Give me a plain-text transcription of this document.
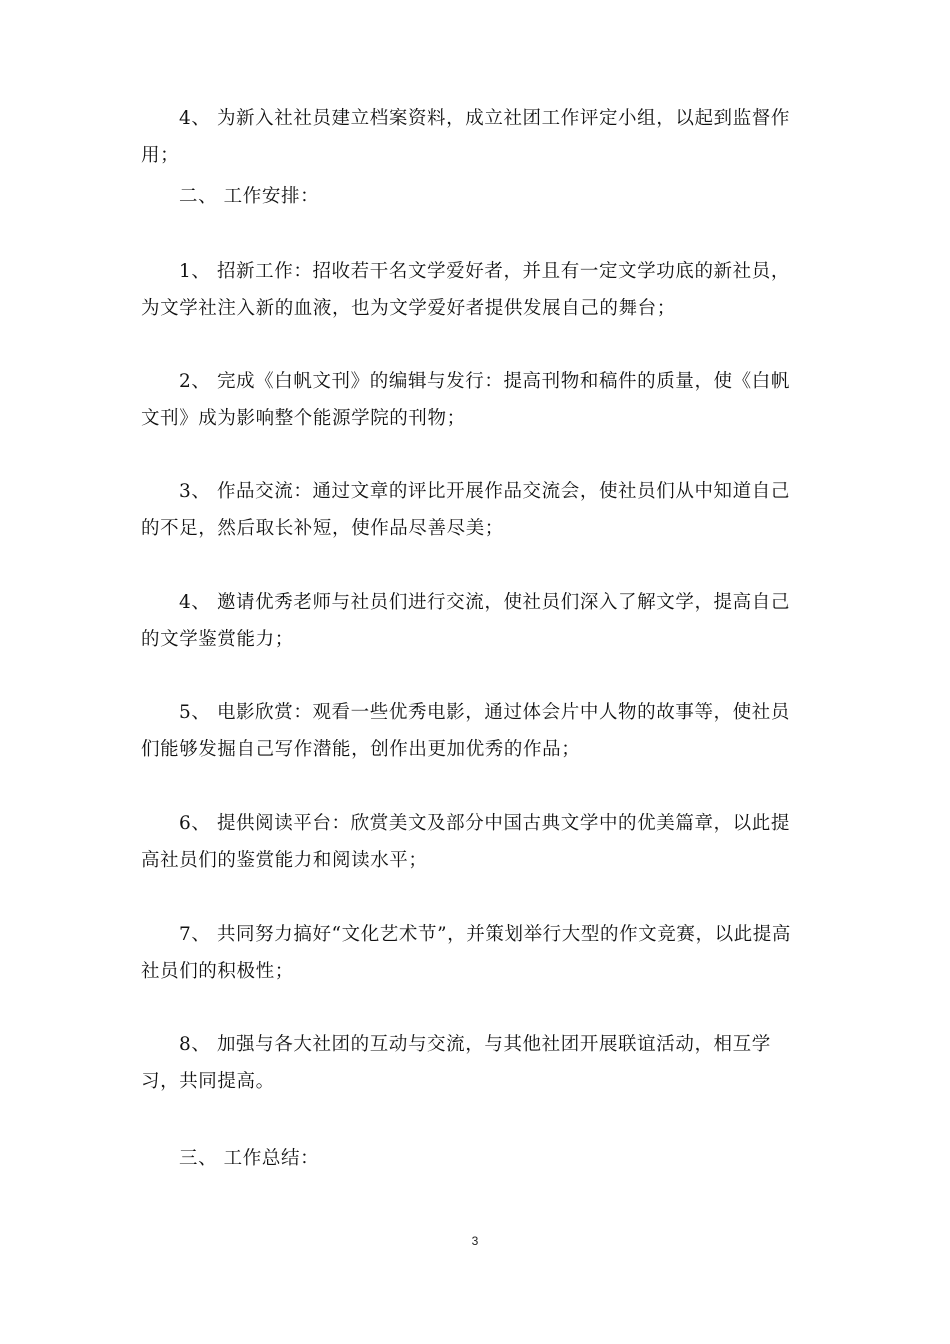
4、 为新入社社员建立档案资料，成立社团工作评定小组，以起到监督作用；

二、 工作安排：

1、 招新工作：招收若干名文学爱好者，并且有一定文学功底的新社员，为文学社注入新的血液，也为文学爱好者提供发展自己的舞台；

2、 完成《白帆文刊》的编辑与发行：提高刊物和稿件的质量，使《白帆文刊》成为影响整个能源学院的刊物；

3、 作品交流：通过文章的评比开展作品交流会，使社员们从中知道自己的不足，然后取长补短，使作品尽善尽美；

4、 邀请优秀老师与社员们进行交流，使社员们深入了解文学，提高自己的文学鉴赏能力；

5、 电影欣赏：观看一些优秀电影，通过体会片中人物的故事等，使社员们能够发掘自己写作潜能，创作出更加优秀的作品；

6、 提供阅读平台：欣赏美文及部分中国古典文学中的优美篇章，以此提高社员们的鉴赏能力和阅读水平；

7、 共同努力搞好“文化艺术节”，并策划举行大型的作文竞赛，以此提高社员们的积极性；

8、 加强与各大社团的互动与交流，与其他社团开展联谊活动，相互学习，共同提高。

三、 工作总结：

3
